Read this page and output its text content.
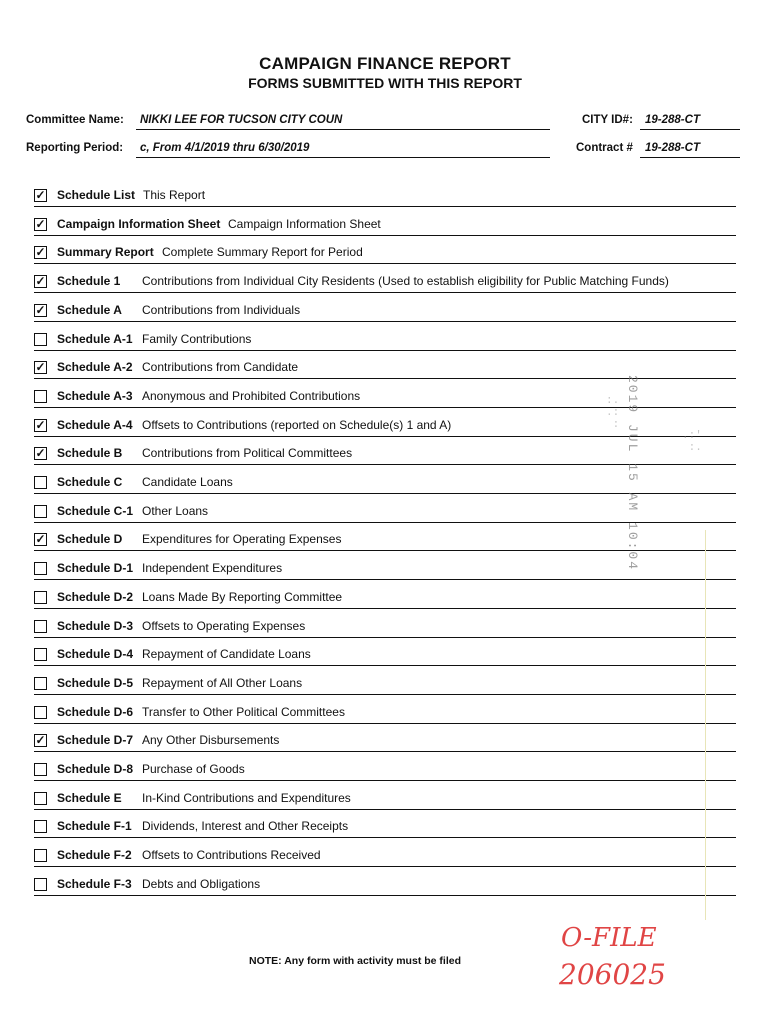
CAMPAIGN FINANCE REPORT
FORMS SUBMITTED WITH THIS REPORT
Committee Name: NIKKI LEE FOR TUCSON CITY COUN	CITY ID#: 19-288-CT
Reporting Period: c, From 4/1/2019 thru 6/30/2019	Contract # 19-288-CT
✓ Schedule List This Report
✓ Campaign Information Sheet Campaign Information Sheet
✓ Summary Report Complete Summary Report for Period
✓ Schedule 1 Contributions from Individual City Residents (Used to establish eligibility for Public Matching Funds)
✓ Schedule A Contributions from Individuals
Schedule A-1 Family Contributions
✓ Schedule A-2 Contributions from Candidate
Schedule A-3 Anonymous and Prohibited Contributions
✓ Schedule A-4 Offsets to Contributions (reported on Schedule(s) 1 and A)
✓ Schedule B Contributions from Political Committees
Schedule C Candidate Loans
Schedule C-1 Other Loans
✓ Schedule D Expenditures for Operating Expenses
Schedule D-1 Independent Expenditures
Schedule D-2 Loans Made By Reporting Committee
Schedule D-3 Offsets to Operating Expenses
Schedule D-4 Repayment of Candidate Loans
Schedule D-5 Repayment of All Other Loans
Schedule D-6 Transfer to Other Political Committees
✓ Schedule D-7 Any Other Disbursements
Schedule D-8 Purchase of Goods
Schedule E In-Kind Contributions and Expenditures
Schedule F-1 Dividends, Interest and Other Receipts
Schedule F-2 Offsets to Contributions Received
Schedule F-3 Debts and Obligations
2019 JUL 15 AM 10:04
:.
.:
:
.:'
:.
NOTE: Any form with activity must be filed
O-FILE
206025
